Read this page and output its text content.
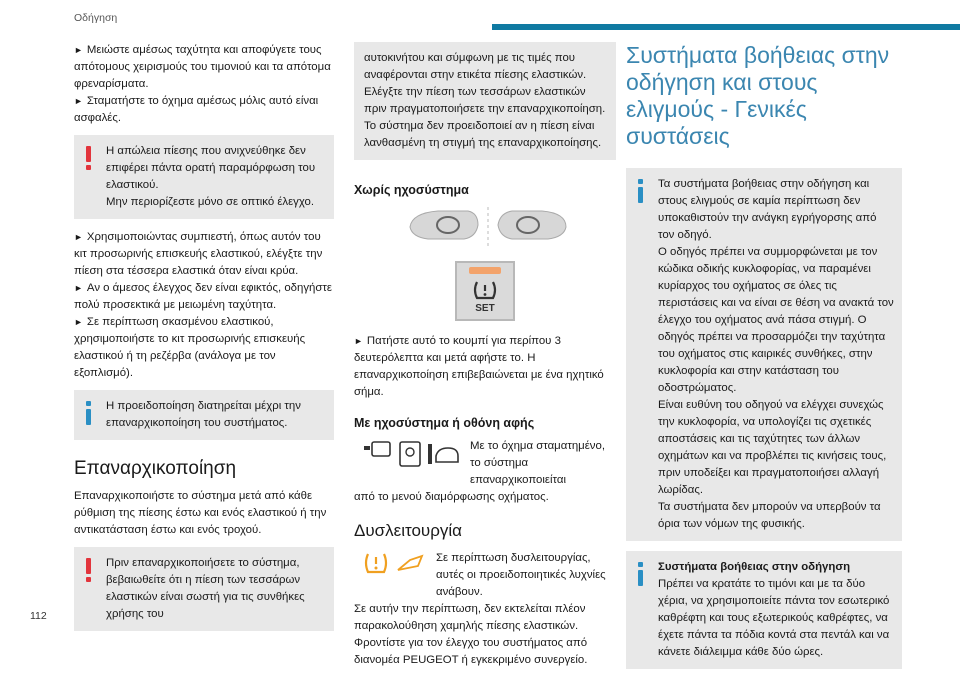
Οδήγηση

► Μειώστε αμέσως ταχύτητα και αποφύγετε τους απότομους χειρισμούς του τιμονιού και τα απότομα φρεναρίσματα.

► Σταματήστε το όχημα αμέσως μόλις αυτό είναι ασφαλές.

Η απώλεια πίεσης που ανιχνεύθηκε δεν επιφέρει πάντα ορατή παραμόρφωση του ελαστικού.
Μην περιορίζεστε μόνο σε οπτικό έλεγχο.

► Χρησιμοποιώντας συμπιεστή, όπως αυτόν του κιτ προσωρινής επισκευής ελαστικού, ελέγξτε την πίεση στα τέσσερα ελαστικά όταν είναι κρύα.

► Αν ο άμεσος έλεγχος δεν είναι εφικτός, οδηγήστε πολύ προσεκτικά με μειωμένη ταχύτητα.

► Σε περίπτωση σκασμένου ελαστικού, χρησιμοποιήστε το κιτ προσωρινής επισκευής ελαστικού ή τη ρεζέρβα (ανάλογα με τον εξοπλισμό).

Η προειδοποίηση διατηρείται μέχρι την επαναρχικοποίηση του συστήματος.

Επαναρχικοποίηση

Επαναρχικοποιήστε το σύστημα μετά από κάθε ρύθμιση της πίεσης έστω και ενός ελαστικού ή την αντικατάσταση έστω και ενός τροχού.

Πριν επαναρχικοποιήσετε το σύστημα, βεβαιωθείτε ότι η πίεση των τεσσάρων ελαστικών είναι σωστή για τις συνθήκες χρήσης του

αυτοκινήτου και σύμφωνη με τις τιμές που αναφέρονται στην ετικέτα πίεσης ελαστικών.
Ελέγξτε την πίεση των τεσσάρων ελαστικών πριν πραγματοποιήσετε την επαναρχικοποίηση.
Το σύστημα δεν προειδοποιεί αν η πίεση είναι λανθασμένη τη στιγμή της επαναρχικοποίησης.

Χωρίς ηχοσύστημα
SET

► Πατήστε αυτό το κουμπί για περίπου 3 δευτερόλεπτα και μετά αφήστε το. Η επαναρχικοποίηση επιβεβαιώνεται με ένα ηχητικό σήμα.

Με ηχοσύστημα ή οθόνη αφής

Με το όχημα σταματημένο, το σύστημα επαναρχικοποιείται

από το μενού διαμόρφωσης οχήματος.

Δυσλειτουργία

Σε περίπτωση δυσλειτουργίας, αυτές οι προειδοποιητικές λυχνίες ανάβουν.

Σε αυτήν την περίπτωση, δεν εκτελείται πλέον παρακολούθηση χαμηλής πίεσης ελαστικών.
Φροντίστε για τον έλεγχο του συστήματος από διανομέα PEUGEOT ή εγκεκριμένο συνεργείο.

Συστήματα βοήθειας στην οδήγηση και στους ελιγμούς - Γενικές συστάσεις

Τα συστήματα βοήθειας στην οδήγηση και στους ελιγμούς σε καμία περίπτωση δεν υποκαθιστούν την ανάγκη εγρήγορσης από τον οδηγό.
Ο οδηγός πρέπει να συμμορφώνεται με τον κώδικα οδικής κυκλοφορίας, να παραμένει κυρίαρχος του οχήματος σε όλες τις περιστάσεις και να είναι σε θέση να ανακτά τον έλεγχο του οχήματος ανά πάσα στιγμή. Ο οδηγός πρέπει να προσαρμόζει την ταχύτητα του οχήματος στις καιρικές συνθήκες, στην κυκλοφορία και στην κατάσταση του οδοστρώματος.
Είναι ευθύνη του οδηγού να ελέγχει συνεχώς την κυκλοφορία, να υπολογίζει τις σχετικές αποστάσεις και τις ταχύτητες των άλλων οχημάτων και να προβλέπει τις κινήσεις τους, πριν υποδείξει και πραγματοποιήσει αλλαγή λωρίδας.
Τα συστήματα δεν μπορούν να υπερβούν τα όρια των νόμων της φυσικής.

Συστήματα βοήθειας στην οδήγηση

Πρέπει να κρατάτε το τιμόνι και με τα δύο χέρια, να χρησιμοποιείτε πάντα τον εσωτερικό καθρέφτη και τους εξωτερικούς καθρέφτες, να έχετε πάντα τα πόδια κοντά στα πεντάλ και να κάνετε διάλειμμα κάθε δύο ώρες.

112
